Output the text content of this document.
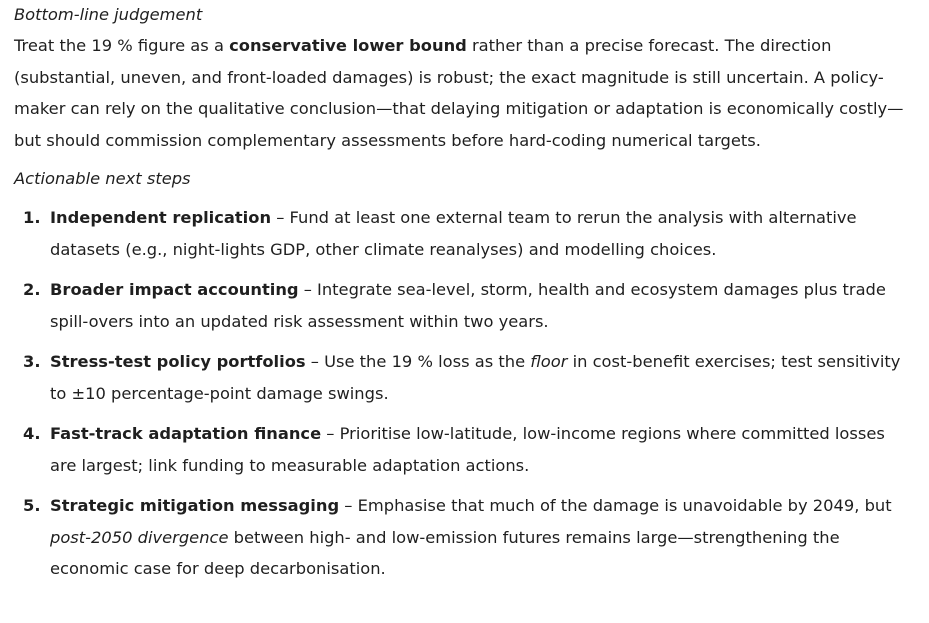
Bottom-line judgement

Treat the 19 % figure as a conservative lower bound rather than a precise forecast. The direction (substantial, uneven, and front-loaded damages) is robust; the exact magnitude is still uncertain. A policy-maker can rely on the qualitative conclusion—that delaying mitigation or adaptation is economically costly—but should commission complementary assessments before hard-coding numerical targets.

Actionable next steps
1. Independent replication – Fund at least one external team to rerun the analysis with alternative datasets (e.g., night-lights GDP, other climate reanalyses) and modelling choices.
2. Broader impact accounting – Integrate sea-level, storm, health and ecosystem damages plus trade spill-overs into an updated risk assessment within two years.
3. Stress-test policy portfolios – Use the 19 % loss as the floor in cost-benefit exercises; test sensitivity to ±10 percentage-point damage swings.
4. Fast-track adaptation finance – Prioritise low-latitude, low-income regions where committed losses are largest; link funding to measurable adaptation actions.
5. Strategic mitigation messaging – Emphasise that much of the damage is unavoidable by 2049, but post-2050 divergence between high- and low-emission futures remains large—strengthening the economic case for deep decarbonisation.
